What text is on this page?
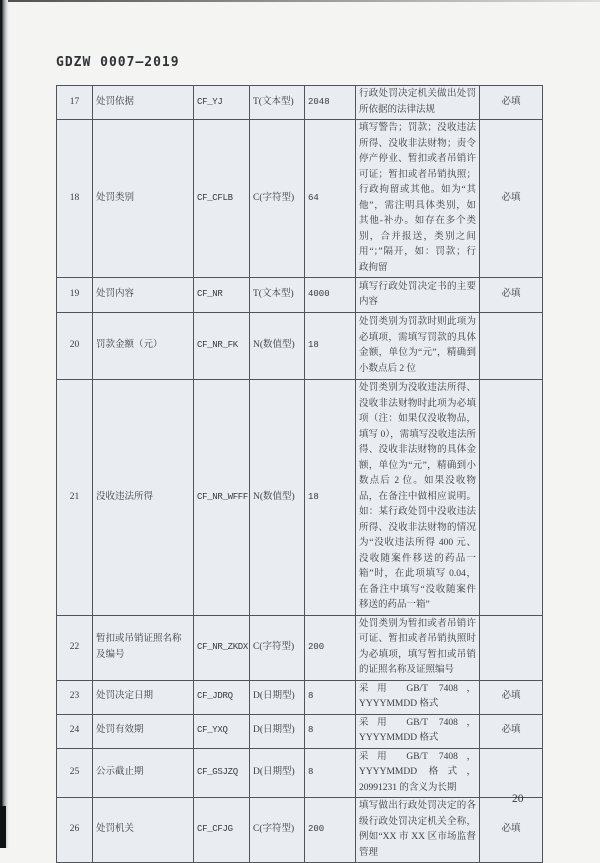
GDZW 0007—2019
17	处罚依据	CF_YJ	T(文本型)	2048	行政处罚决定机关做出处罚所依据的法律法规	必填
18	处罚类别	CF_CFLB	C(字符型)	64	填写警告；罚款；没收违法所得、没收非法财物；责令停产停业、暂扣或者吊销许可证；暂扣或者吊销执照；行政拘留或其他。如为“其他”，需注明具体类别，如其他-补办。如存在多个类别，合并报送，类别之间用“；”隔开，如：罚款；行政拘留	必填
19	处罚内容	CF_NR	T(文本型)	4000	填写行政处罚决定书的主要内容	必填
20	罚款金额（元）	CF_NR_FK	N(数值型)	18	处罚类别为罚款时则此项为必填项，需填写罚款的具体金额，单位为“元”，精确到小数点后 2 位	
21	没收违法所得	CF_NR_WFFF	N(数值型)	18	处罚类别为没收违法所得、没收非法财物时此项为必填项（注：如果仅没收物品，填写 0），需填写没收违法所得、没收非法财物的具体金额，单位为“元”，精确到小数点后 2 位。如果没收物品，在备注中做相应说明。如：某行政处罚中没收违法所得、没收非法财物的情况为“没收违法所得 400 元、没收随案件移送的药品一箱”时，在此项填写 0.04，在备注中填写“没收随案件移送的药品一箱”	
22	暂扣或吊销证照名称及编号	CF_NR_ZKDX	C(字符型)	200	处罚类别为暂扣或者吊销许可证、暂扣或者吊销执照时为必填项，填写暂扣或吊销的证照名称及证照编号	
23	处罚决定日期	CF_JDRQ	D(日期型)	8	采用 GB/T 7408，YYYYMMDD 格式	必填
24	处罚有效期	CF_YXQ	D(日期型)	8	采用 GB/T 7408，YYYYMMDD 格式	必填
25	公示截止期	CF_GSJZQ	D(日期型)	8	采用 GB/T 7408，YYYYMMDD 格式，20991231 的含义为长期	
26	处罚机关	CF_CFJG	C(字符型)	200	填写做出行政处罚决定的各级行政处罚决定机关全称，例如“XX 市 XX 区市场监督管理	必填
20
